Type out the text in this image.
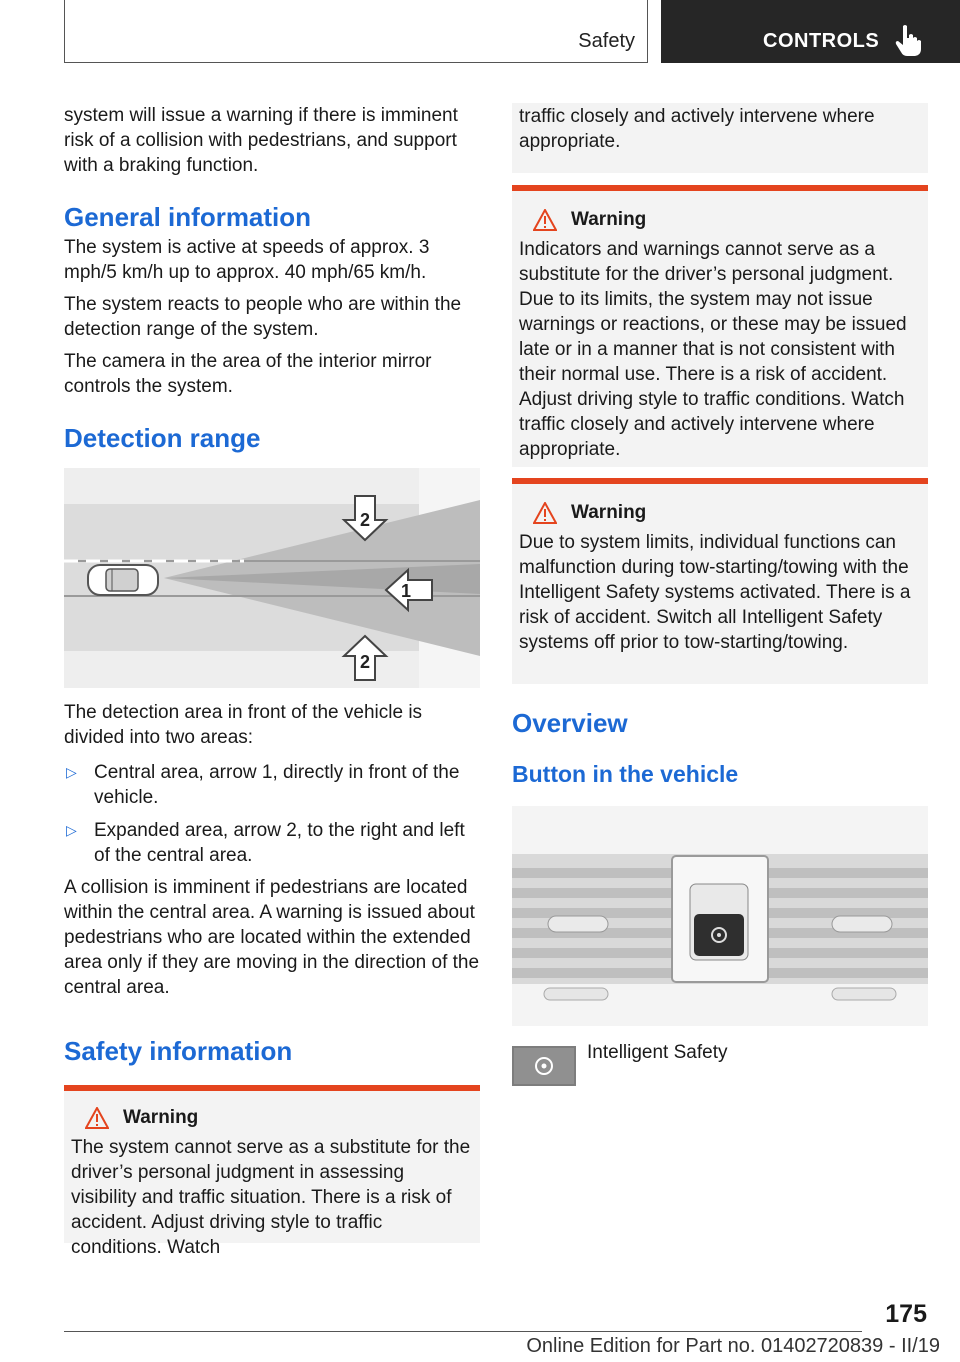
Safety	CONTROLS

system will issue a warning if there is imminent risk of a collision with pedestrians, and support with a braking function.

General information

The system is active at speeds of approx. 3 mph/5 km/h up to approx. 40 mph/65 km/h.

The system reacts to people who are within the detection range of the system.

The camera in the area of the interior mirror controls the system.

Detection range
2
1
2

The detection area in front of the vehicle is divided into two areas:

▷ Central area, arrow 1, directly in front of the vehicle.
▷ Expanded area, arrow 2, to the right and left of the central area.

A collision is imminent if pedestrians are located within the central area. A warning is issued about pedestrians who are located within the extended area only if they are moving in the direction of the central area.

Safety information
Warning

The system cannot serve as a substitute for the driver’s personal judgment in assessing visibility and traffic situation. There is a risk of accident. Adjust driving style to traffic conditions. Watch

traffic closely and actively intervene where appropriate.

Warning

Indicators and warnings cannot serve as a substitute for the driver’s personal judgment. Due to its limits, the system may not issue warnings or reactions, or these may be issued late or in a manner that is not consistent with their normal use. There is a risk of accident. Adjust driving style to traffic conditions. Watch traffic closely and actively intervene where appropriate.

Warning

Due to system limits, individual functions can malfunction during tow-starting/towing with the Intelligent Safety systems activated. There is a risk of accident. Switch all Intelligent Safety systems off prior to tow-starting/towing.

Overview
Button in the vehicle

Intelligent Safety

175
Online Edition for Part no. 01402720839 - II/19
